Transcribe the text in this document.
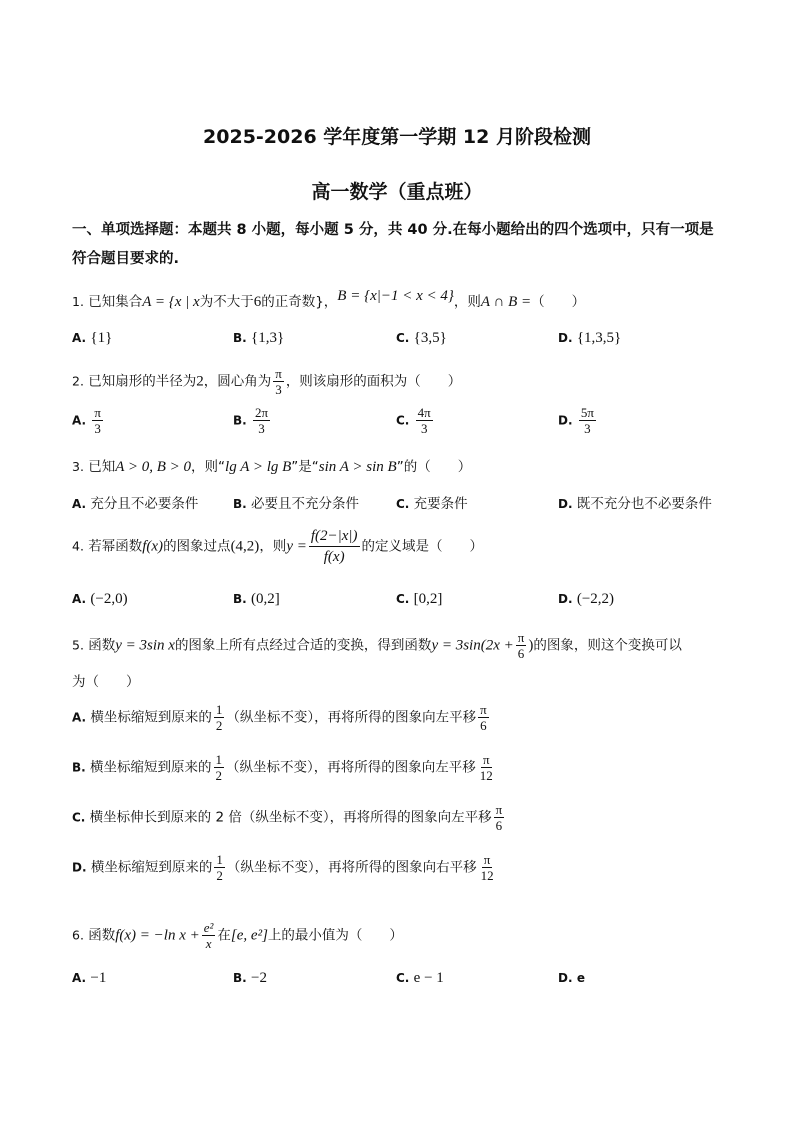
2025-2026 学年度第一学期 12 月阶段检测
高一数学（重点班）
一、单项选择题：本题共 8 小题，每小题 5 分，共 40 分.在每小题给出的四个选项中，只有一项是符合题目要求的.
1. 已知集合A = {x | x为不大于6的正奇数}，B = {x|−1 < x < 4}，则A ∩ B =（　　）
A. {1}	B. {1,3}	C. {3,5}	D. {1,3,5}
2. 已知扇形的半径为2，圆心角为 $\frac{\pi}{3}$ ，则该扇形的面积为（　　）
A. $\frac{\pi}{3}$	B. $\frac{2\pi}{3}$	C. $\frac{4\pi}{3}$	D. $\frac{5\pi}{3}$
3. 已知A > 0, B > 0，则“lg A > lg B”是“sin A > sin B”的（　　）
A. 充分且不必要条件	B. 必要且不充分条件	C. 充要条件	D. 既不充分也不必要条件
4. 若幂函数f(x)的图象过点(4,2)，则$y = \frac{f(2-|x|)}{f(x)}$ 的定义域是（　　）
A. (−2,0)	B. (0,2]	C. [0,2]	D. (−2,2)
5. 函数y = 3sin x的图象上所有点经过合适的变换，得到函数$y = 3\sin(2x + \frac{\pi}{6}$ )的图象，则这个变换可以
为（　　）
A. 横坐标缩短到原来的 $\frac{1}{2}$ （纵坐标不变），再将所得的图象向左平移 $\frac{\pi}{6}$
B. 横坐标缩短到原来的 $\frac{1}{2}$ （纵坐标不变），再将所得的图象向左平移 $\frac{\pi}{12}$
C. 横坐标伸长到原来的 2 倍（纵坐标不变），再将所得的图象向左平移 $\frac{\pi}{6}$
D. 横坐标缩短到原来的 $\frac{1}{2}$ （纵坐标不变），再将所得的图象向右平移 $\frac{\pi}{12}$
6. 函数f(x) = −ln $x + \frac{\text{e²}}{x}$ 在[e, e²]上的最小值为（　　）
A. −1	B. −2	C. e − 1	D. e
